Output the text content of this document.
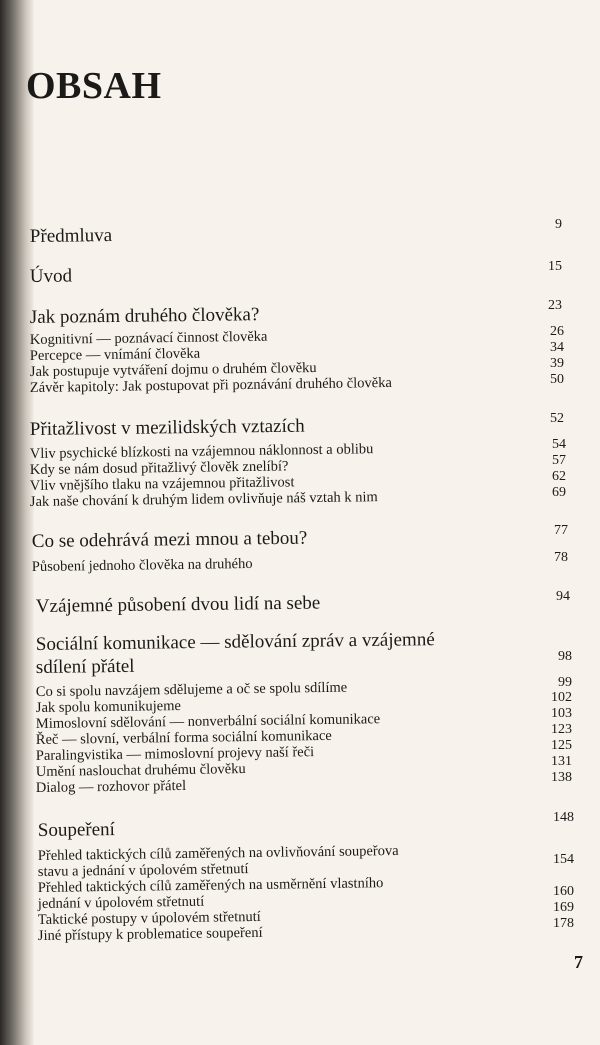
OBSAH
Předmluva
9
Úvod	15
Jak poznám druhého člověka?	23
Kognitivní — poznávací činnost člověka	26
Percepce — vnímání člověka	34
Jak postupuje vytváření dojmu o druhém člověku	39
Závěr kapitoly: Jak postupovat při poznávání druhého člověka	50
Přitažlivost v mezilidských vztazích	52
Vliv psychické blízkosti na vzájemnou náklonnost a oblibu	54
Kdy se nám dosud přitažlivý člověk znelíbí?	57
Vliv vnějšího tlaku na vzájemnou přitažlivost	62
Jak naše chování k druhým lidem ovlivňuje náš vztah k nim	69
Co se odehrává mezi mnou a tebou?	77
Působení jednoho člověka na druhého	78
Vzájemné působení dvou lidí na sebe	94
Sociální komunikace — sdělování zpráv a vzájemné
sdílení přátel	98
Co si spolu navzájem sdělujeme a oč se spolu sdílíme	99
Jak spolu komunikujeme
102
Mimoslovní sdělování — nonverbální sociální komunikace	103
Řeč — slovní, verbální forma sociální komunikace	123
Paralingvistika — mimoslovní projevy naší řeči	125
Umění naslouchat druhému člověku	131
Dialog — rozhovor přátel
138
Soupeření
148
Přehled taktických cílů zaměřených na ovlivňování soupeřova
stavu a jednání v úpolovém střetnutí
154
Přehled taktických cílů zaměřených na usměrnění vlastního
jednání v úpolovém střetnutí
160
Taktické postupy v úpolovém střetnutí
169
Jiné přístupy k problematice soupeření
178
7
